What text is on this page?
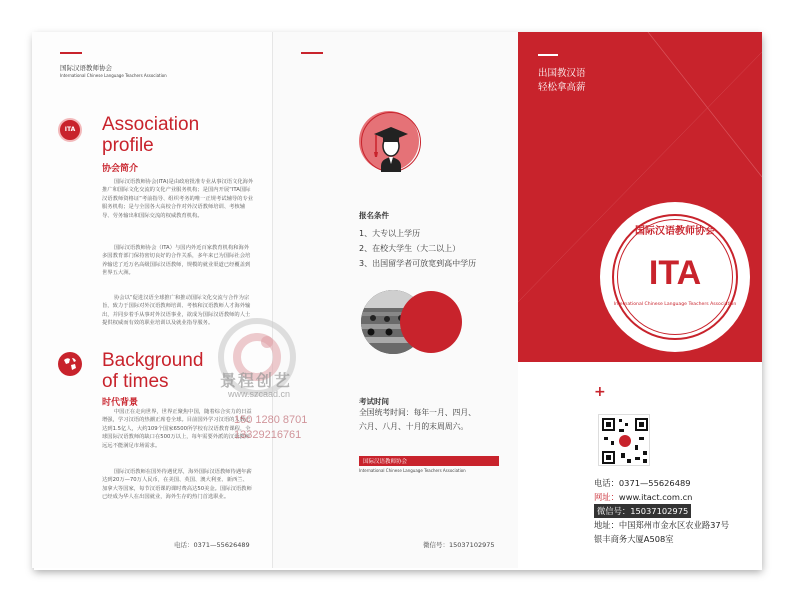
国际汉语教师协会
International Chinese Language Teachers Association
ITA Association
profile
协会简介
国际汉语教师协会(ITA)是由政府批准专业从事汉语文化海外推广和国际文化交流的文化产业服务机构；是国内开展“ITA国际汉语教师资格证”考前指导、组织考务的唯一正规考试辅导的专业服务机构；是与全国各大高校合作对外汉语教师培训、考核辅导、劳务输出和国际交流的权威教育机构。
国际汉语教师协会（ITA）与国内外近百家教育机构和海外多国教育部门保持密切良好的合作关系，多年来已为国际社会培养输送了近万名高级国际汉语教师，规模的就业渠道已经覆盖到世界五大洲。
协会以“促进汉语全球推广和推动国际文化交流与合作为宗旨，致力于国际对外汉语教师培训、考核和汉语教师人才海外输出，并同步着手从事对外汉语事业，欲成为国际汉语教师的人士提供权威而有效的职业培训以及就业指导服务。
Background
of times
时代背景
中国正在走向世界，世界正聚焦中国，随着综合实力的日益增强，学习汉语的热潮正席卷全球。目前国外学习汉语的人数已达到1.5亿人，大约109个国家6500所学校有汉语教育课程，全球国际汉语教师的缺口在500万以上，每年需要外派的汉语教师远远不能满足市场需求。
国际汉语教师在国外待遇优厚，海外国际汉语教师待遇年薪达到20万—70万人民币，在美国、英国、澳大利亚、新西兰、加拿大等国家，每节汉语课的课时费高达50美金。国际汉语教师已经成为华人在出国就业，海外生存的热门首选职业。
电话：0371—55626489
报名条件
1、大专以上学历
2、在校大学生（大二以上）
3、出国留学者可放宽到高中学历
考试时间
全国统考时间：每年一月、四月、
六月、八月、十月的末周周六。
国际汉语教师协会
International Chinese Language Teachers Association
微信号：15037102975
出国教汉语
轻松拿高薪
ITA
国际汉语教师协会
International Chinese Language Teachers Association
+
电话：0371—55626489
网址：www.itact.com.cn
微信号：15037102975
地址：中国郑州市金水区农业路37号
银丰商务大厦A508室
景程创艺
www.szcaad.cn
150 1280 8701
13329216761
